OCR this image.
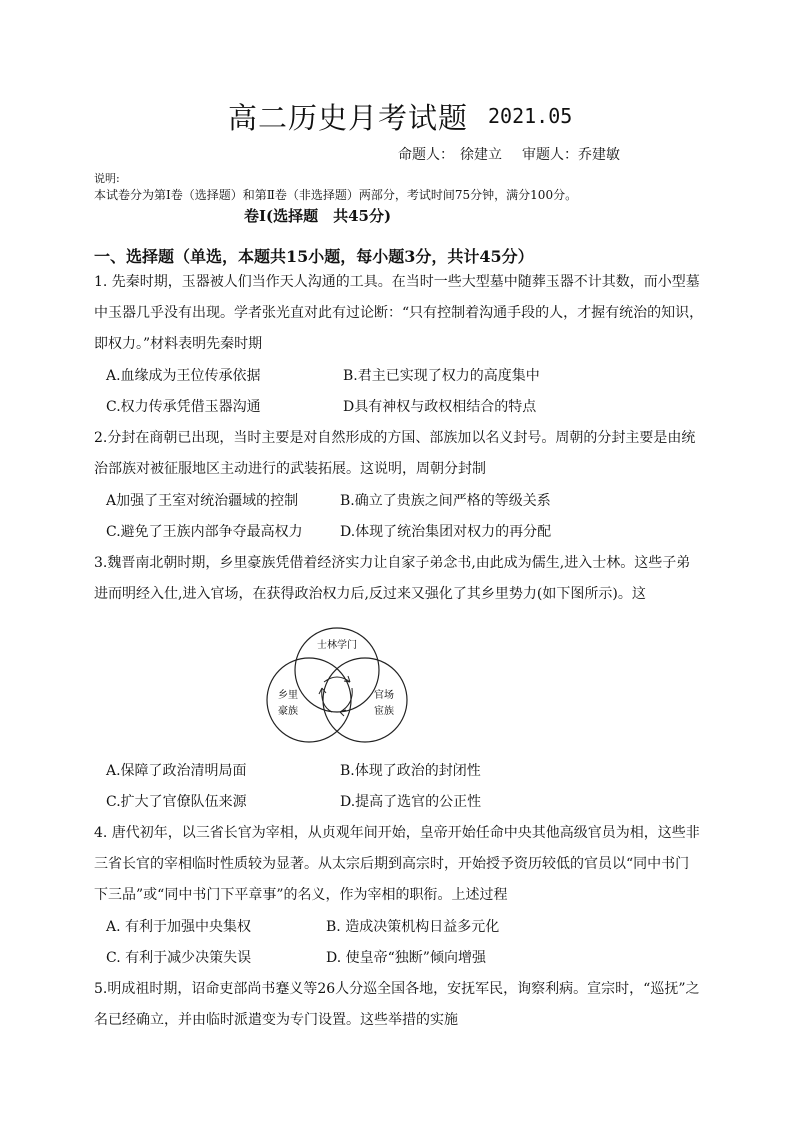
高二历史月考试题 2021.05
命题人： 徐建立 审题人：乔建敏
说明:
本试卷分为第Ⅰ卷（选择题）和第Ⅱ卷（非选择题）两部分，考试时间75分钟，满分100分。
卷Ⅰ(选择题　共45分)
一、选择题（单选，本题共15小题，每小题3分，共计45分）
1. 先秦时期，玉器被人们当作天人沟通的工具。在当时一些大型墓中随葬玉器不计其数，而小型墓
中玉器几乎没有出现。学者张光直对此有过论断：“只有控制着沟通手段的人，才握有统治的知识，
即权力。”材料表明先秦时期
A.血缘成为王位传承依据	B.君主已实现了权力的高度集中
C.权力传承凭借玉器沟通	D具有神权与政权相结合的特点
2.分封在商朝已出现，当时主要是对自然形成的方国、部族加以名义封号。周朝的分封主要是由统
治部族对被征服地区主动进行的武装拓展。这说明，周朝分封制
A加强了王室对统治疆域的控制	B.确立了贵族之间严格的等级关系
C.避免了王族内部争夺最高权力	D.体现了统治集团对权力的再分配
3.魏晋南北朝时期，乡里豪族凭借着经济实力让自家子弟念书,由此成为儒生,进入士林。这些子弟
进而明经入仕,进入官场，在获得政治权力后,反过来又强化了其乡里势力(如下图所示)。这
士林学门
乡里
豪族
官场
宦族
A.保障了政治清明局面	B.体现了政治的封闭性
C.扩大了官僚队伍来源	D.提高了选官的公正性
4. 唐代初年，以三省长官为宰相，从贞观年间开始，皇帝开始任命中央其他高级官员为相，这些非
三省长官的宰相临时性质较为显著。从太宗后期到高宗时，开始授予资历较低的官员以“同中书门
下三品”或“同中书门下平章事”的名义，作为宰相的职衔。上述过程
A. 有利于加强中央集权	B. 造成决策机构日益多元化
C. 有利于减少决策失误	D. 使皇帝“独断”倾向增强
5.明成祖时期，诏命吏部尚书蹇义等26人分巡全国各地，安抚军民，询察利病。宣宗时，“巡抚”之
名已经确立，并由临时派遣变为专门设置。这些举措的实施
